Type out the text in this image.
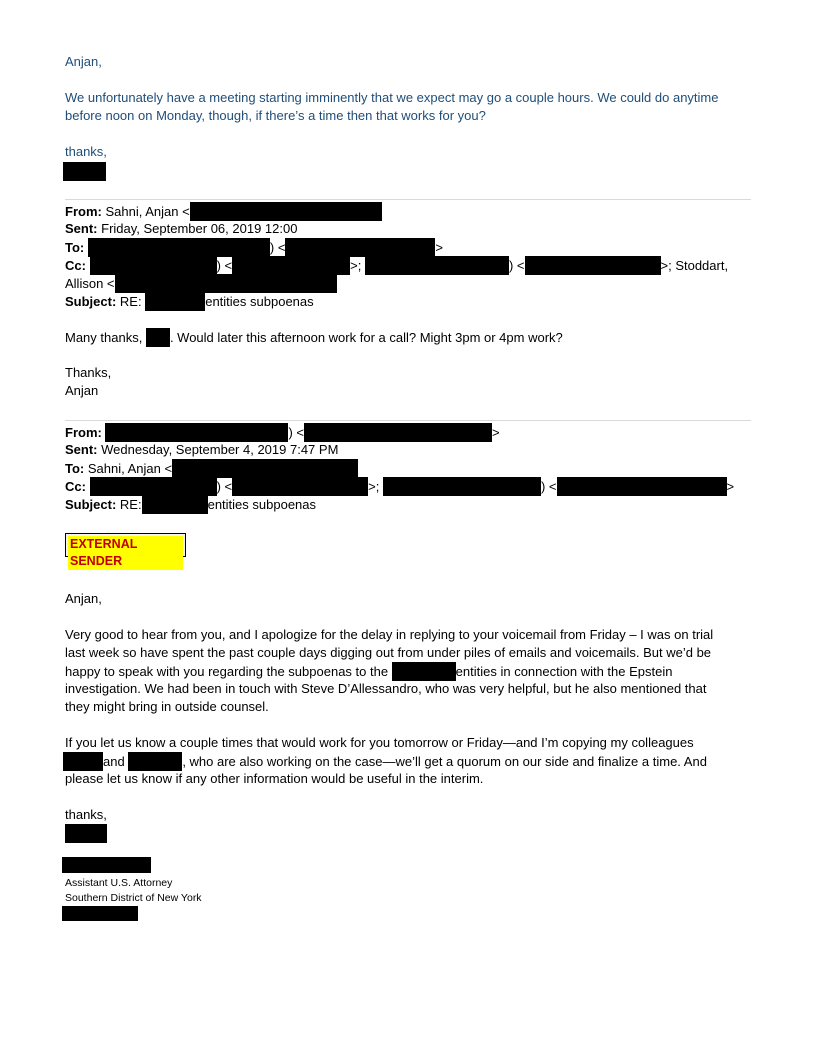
Anjan,
We unfortunately have a meeting starting imminently that we expect may go a couple hours. We could do anytime
before noon on Monday, though, if there’s a time then that works for you?
thanks,
From: Sahni, Anjan <
Sent: Friday, September 06, 2019 12:00
To:	) <	>
Cc:	) <	>;	) <	>; Stoddart,
Allison <
Subject: RE:	entities subpoenas
Many thanks, . Would later this afternoon work for a call? Might 3pm or 4pm work?
Thanks,
Anjan
From:	) <	>
Sent: Wednesday, September 4, 2019 7:47 PM
To: Sahni, Anjan <
Cc:	) <	>;	) <	>
Subject: RE:	entities subpoenas
EXTERNAL SENDER
Anjan,
Very good to hear from you, and I apologize for the delay in replying to your voicemail from Friday – I was on trial
last week so have spent the past couple days digging out from under piles of emails and voicemails. But we’d be
happy to speak with you regarding the subpoenas to the	entities in connection with the Epstein
investigation. We had been in touch with Steve D’Allessandro, who was very helpful, but he also mentioned that
they might bring in outside counsel.
If you let us know a couple times that would work for you tomorrow or Friday—and I’m copying my colleagues
and	, who are also working on the case—we’ll get a quorum on our side and finalize a time. And
please let us know if any other information would be useful in the interim.
thanks,
Assistant U.S. Attorney
Southern District of New York
